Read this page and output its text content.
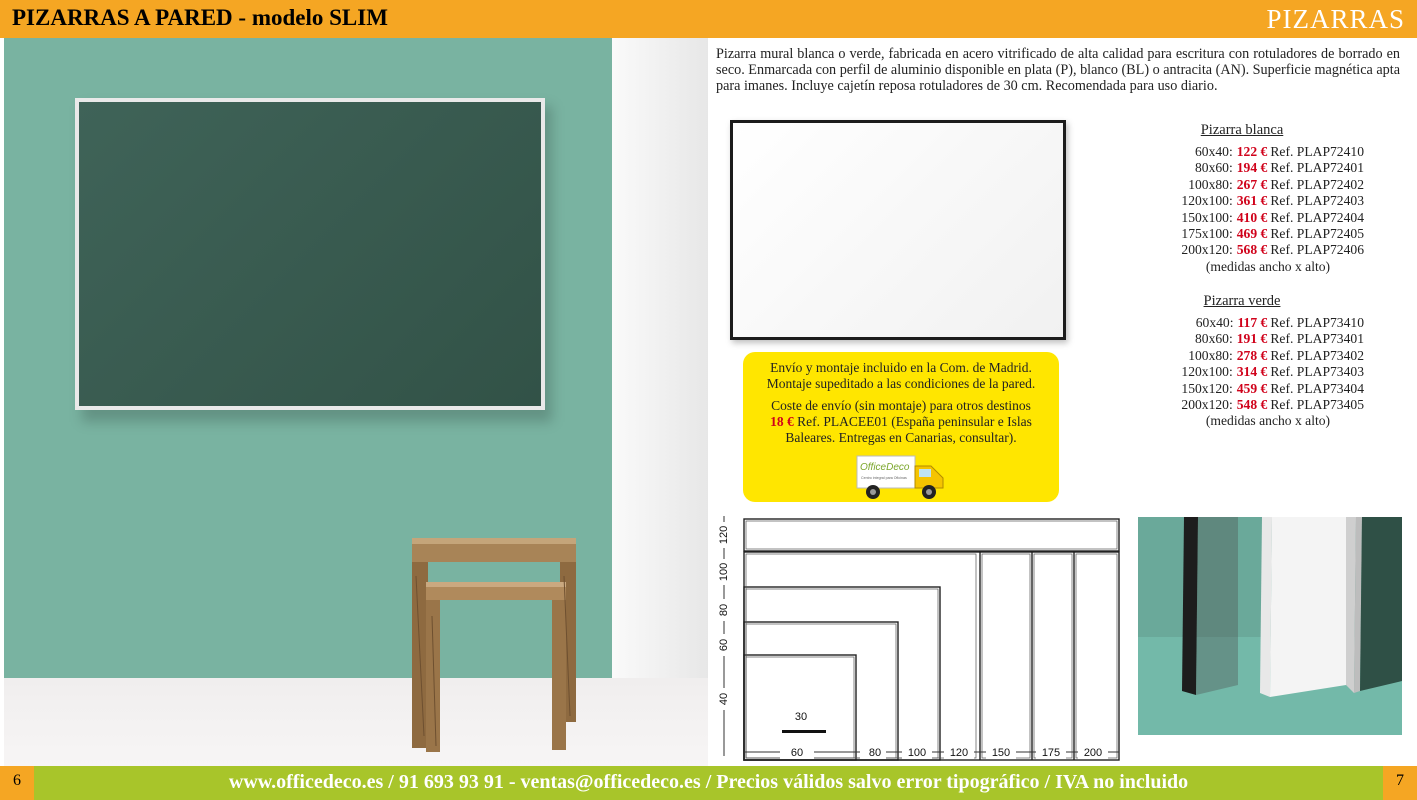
PIZARRAS A PARED - modelo SLIM	PIZARRAS
Pizarra mural blanca o verde, fabricada en acero vitrificado de alta calidad para escritura con rotuladores de borrado en seco. Enmarcada con perfil de aluminio disponible en plata (P), blanco (BL) o antracita (AN). Superficie magnética apta para imanes. Incluye cajetín reposa rotuladores de 30 cm. Recomendada para uso diario.
Pizarra blanca
60x40: 122 € Ref. PLAP72410
80x60: 194 € Ref. PLAP72401
100x80: 267 € Ref. PLAP72402
120x100: 361 € Ref. PLAP72403
150x100: 410 € Ref. PLAP72404
175x100: 469 € Ref. PLAP72405
200x120: 568 € Ref. PLAP72406
(medidas ancho x alto)
Pizarra verde
60x40: 117 € Ref. PLAP73410
80x60: 191 € Ref. PLAP73401
100x80: 278 € Ref. PLAP73402
120x100: 314 € Ref. PLAP73403
150x120: 459 € Ref. PLAP73404
200x120: 548 € Ref. PLAP73405
(medidas ancho x alto)

Envío y montaje incluido en la Com. de Madrid.

Montaje supeditado a las condiciones de la pared.

Coste de envío (sin montaje) para otros destinos

18 € Ref. PLACEE01 (España peninsular e Islas

Baleares. Entregas en Canarias, consultar).

OfficeDeco
Centro integral para Oficinas
30
60	80 100 120 150	175 200
40
60
80
100
120
www.officedeco.es / 91 693 93 91 - ventas@officedeco.es / Precios válidos salvo error tipográfico / IVA no incluido
6	7
